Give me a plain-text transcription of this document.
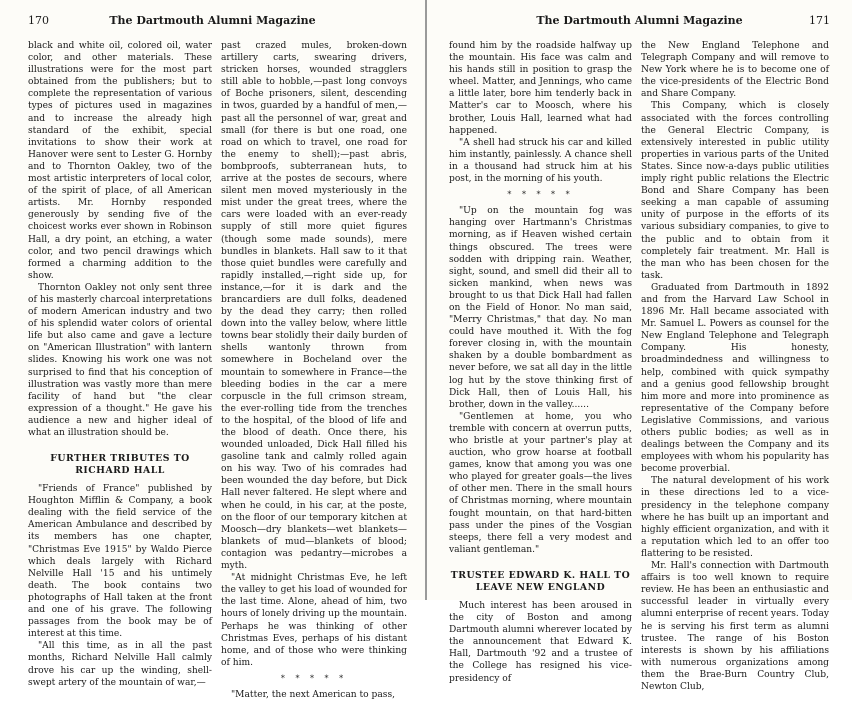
170	The Dartmouth Alumni Magazine

black and white oil, colored oil, water color, and other materials. These illustrations were for the most part obtained from the publishers; but to complete the representation of various types of pictures used in magazines and to increase the already high standard of the exhibit, special invitations to show their work at Hanover were sent to Lester G. Hornby and to Thornton Oakley, two of the most artistic interpreters of local color, of the spirit of place, of all American artists. Mr. Hornby responded generously by sending five of the choicest works ever shown in Robinson Hall, a dry point, an etching, a water color, and two pencil drawings which formed a charming addition to the show.

Thornton Oakley not only sent three of his masterly charcoal interpretations of modern American industry and two of his splendid water colors of oriental life but also came and gave a lecture on "American Illustration" with lantern slides. Knowing his work one was not surprised to find that his conception of illustration was vastly more than mere facility of hand but "the clear expression of a thought." He gave his audience a new and higher ideal of what an illustration should be.

FURTHER TRIBUTES TO RICHARD HALL

"Friends of France" published by Houghton Mifflin & Company, a book dealing with the field service of the American Ambulance and described by its members has one chapter, "Christmas Eve 1915" by Waldo Pierce which deals largely with Richard Nelville Hall '15 and his untimely death. The book contains two photographs of Hall taken at the front and one of his grave. The following passages from the book may be of interest at this time.

"All this time, as in all the past months, Richard Nelville Hall calmly drove his car up the winding, shell-swept artery of the mountain of war,—

past crazed mules, broken-down artillery carts, swearing drivers, stricken horses, wounded stragglers still able to hobble,—past long convoys of Boche prisoners, silent, descending in twos, guarded by a handful of men,—past all the personnel of war, great and small (for there is but one road, one road on which to travel, one road for the enemy to shell);—past abris, bombproofs, subterranean huts, to arrive at the postes de secours, where silent men moved mysteriously in the mist under the great trees, where the cars were loaded with an ever-ready supply of still more quiet figures (though some made sounds), mere bundles in blankets. Hall saw to it that those quiet bundles were carefully and rapidly installed,—right side up, for instance,—for it is dark and the brancardiers are dull folks, deadened by the dead they carry; then rolled down into the valley below, where little towns bear stolidly their daily burden of shells wantonly thrown from somewhere in Bocheland over the mountain to somewhere in France—the bleeding bodies in the car a mere corpuscle in the full crimson stream, the ever-rolling tide from the trenches to the hospital, of the blood of life and the blood of death. Once there, his wounded unloaded, Dick Hall filled his gasoline tank and calmly rolled again on his way. Two of his comrades had been wounded the day before, but Dick Hall never faltered. He slept where and when he could, in his car, at the poste, on the floor of our temporary kitchen at Moosch—dry blankets—wet blankets—blankets of mud—blankets of blood; contagion was pedantry—microbes a myth.

"At midnight Christmas Eve, he left the valley to get his load of wounded for the last time. Alone, ahead of him, two hours of lonely driving up the mountain. Perhaps he was thinking of other Christmas Eves, perhaps of his distant home, and of those who were thinking of him.

* * * * *

"Matter, the next American to pass,

The Dartmouth Alumni Magazine	171

found him by the roadside halfway up the mountain. His face was calm and his hands still in position to grasp the wheel. Matter, and Jennings, who came a little later, bore him tenderly back in Matter's car to Moosch, where his brother, Louis Hall, learned what had happened.

"A shell had struck his car and killed him instantly, painlessly. A chance shell in a thousand had struck him at his post, in the morning of his youth.

* * * * *

"Up on the mountain fog was hanging over Hartmann's Christmas morning, as if Heaven wished certain things obscured. The trees were sodden with dripping rain. Weather, sight, sound, and smell did their all to sicken mankind, when news was brought to us that Dick Hall had fallen on the Field of Honor. No man said, "Merry Christmas," that day. No man could have mouthed it. With the fog forever closing in, with the mountain shaken by a double bombardment as never before, we sat all day in the little log hut by the stove thinking first of Dick Hall, then of Louis Hall, his brother, down in the valley......

"Gentlemen at home, you who tremble with concern at overrun putts, who bristle at your partner's play at auction, who grow hoarse at football games, know that among you was one who played for greater goals—the lives of other men. There in the small hours of Christmas morning, where mountain fought mountain, on that hard-bitten pass under the pines of the Vosgian steeps, there fell a very modest and valiant gentleman."

TRUSTEE EDWARD K. HALL TO LEAVE NEW ENGLAND

Much interest has been aroused in the city of Boston and among Dartmouth alumni wherever located by the announcement that Edward K. Hall, Dartmouth '92 and a trustee of the College has resigned his vice-presidency of

the New England Telephone and Telegraph Company and will remove to New York where he is to become one of the vice-presidents of the Electric Bond and Share Company.

This Company, which is closely associated with the forces controlling the General Electric Company, is extensively interested in public utility properties in various parts of the United States. Since now-a-days public utilities imply right public relations the Electric Bond and Share Company has been seeking a man capable of assuming unity of purpose in the efforts of its various subsidiary companies, to give to the public and to obtain from it completely fair treatment. Mr. Hall is the man who has been chosen for the task.

Graduated from Dartmouth in 1892 and from the Harvard Law School in 1896 Mr. Hall became associated with Mr. Samuel L. Powers as counsel for the New England Telephone and Telegraph Company. His honesty, broadmindedness and willingness to help, combined with quick sympathy and a genius good fellowship brought him more and more into prominence as representative of the Company before Legislative Commissions, and various others public bodies; as well as in dealings between the Company and its employees with whom his popularity has become proverbial.

The natural development of his work in these directions led to a vice-presidency in the telephone company where he has built up an important and highly efficient organization, and with it a reputation which led to an offer too flattering to be resisted.

Mr. Hall's connection with Dartmouth affairs is too well known to require review. He has been an enthusiastic and successful leader in virtually every alumni enterprise of recent years. Today he is serving his first term as alumni trustee. The range of his Boston interests is shown by his affiliations with numerous organizations among them the Brae-Burn Country Club, Newton Club,
